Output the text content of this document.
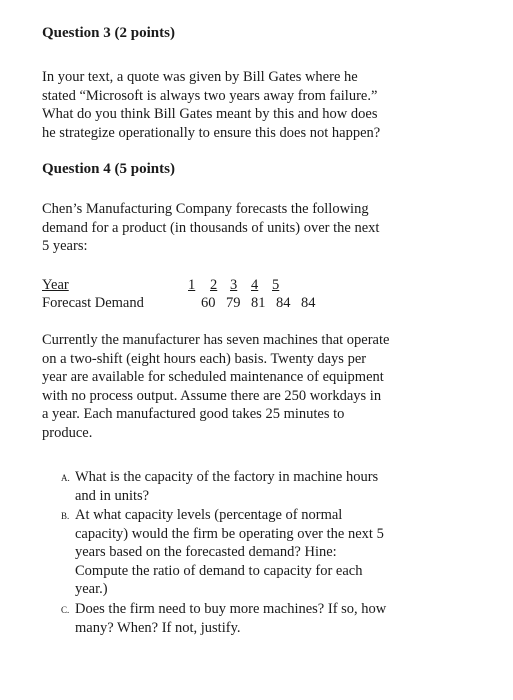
Question 3 (2 points)
In your text, a quote was given by Bill Gates where he
stated “Microsoft is always two years away from failure.”
What do you think Bill Gates meant by this and how does
he strategize operationally to ensure this does not happen?
Question 4 (5 points)
Chen’s Manufacturing Company forecasts the following
demand for a product (in thousands of units) over the next
5 years:
Year	1 2 3 4 5
Forecast Demand	60 79 81 84 84
Currently the manufacturer has seven machines that operate
on a two-shift (eight hours each) basis. Twenty days per
year are available for scheduled maintenance of equipment
with no process output. Assume there are 250 workdays in
a year. Each manufactured good takes 25 minutes to
produce.
A. What is the capacity of the factory in machine hours
and in units?
B. At what capacity levels (percentage of normal
capacity) would the firm be operating over the next 5
years based on the forecasted demand? Hine:
Compute the ratio of demand to capacity for each
year.)
C. Does the firm need to buy more machines? If so, how
many? When? If not, justify.
